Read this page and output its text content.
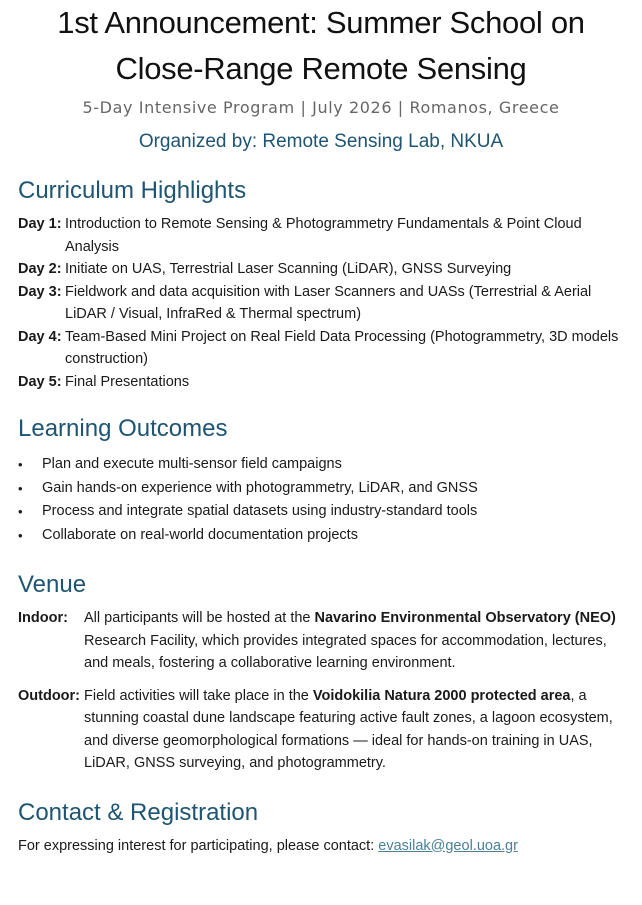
1st Announcement: Summer School on
Close-Range Remote Sensing
5-Day Intensive Program | July 2026 | Romanos, Greece
Organized by: Remote Sensing Lab, NKUA
Curriculum Highlights
Day 1: Introduction to Remote Sensing & Photogrammetry Fundamentals & Point Cloud Analysis
Day 2: Initiate on UAS, Terrestrial Laser Scanning (LiDAR), GNSS Surveying
Day 3: Fieldwork and data acquisition with Laser Scanners and UASs (Terrestrial & Aerial LiDAR / Visual, InfraRed & Thermal spectrum)
Day 4: Team-Based Mini Project on Real Field Data Processing (Photogrammetry, 3D models construction)
Day 5: Final Presentations
Learning Outcomes
•	Plan and execute multi-sensor field campaigns
•	Gain hands-on experience with photogrammetry, LiDAR, and GNSS
•	Process and integrate spatial datasets using industry-standard tools
•	Collaborate on real-world documentation projects
Venue
Indoor:	All participants will be hosted at the Navarino Environmental Observatory (NEO) Research Facility, which provides integrated spaces for accommodation, lectures, and meals, fostering a collaborative learning environment.
Outdoor: Field activities will take place in the Voidokilia Natura 2000 protected area, a stunning coastal dune landscape featuring active fault zones, a lagoon ecosystem, and diverse geomorphological formations — ideal for hands-on training in UAS, LiDAR, GNSS surveying, and photogrammetry.
Contact & Registration
For expressing interest for participating, please contact: evasilak@geol.uoa.gr
